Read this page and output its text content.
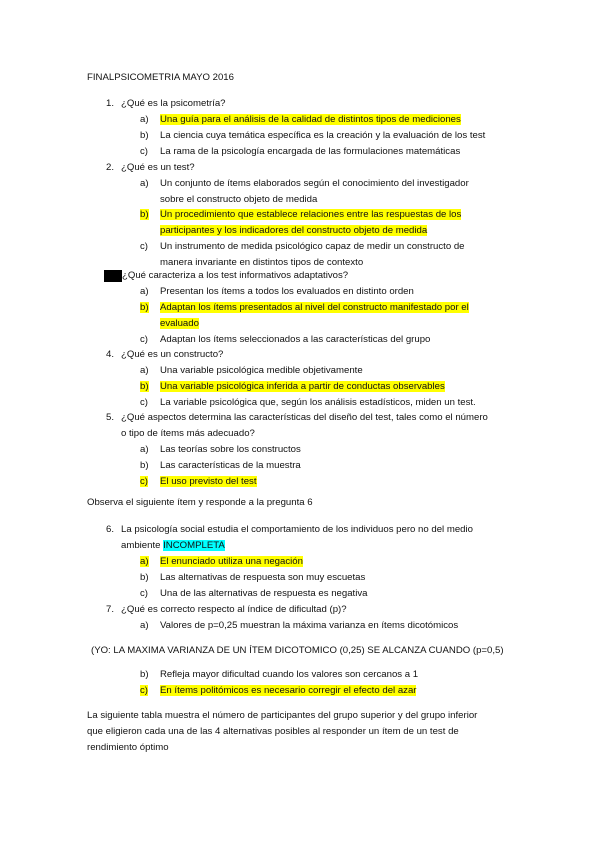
FINALPSICOMETRIA MAYO 2016
1. ¿Qué es la psicometría?
a) Una guía para el análisis de la calidad de distintos tipos de mediciones
b) La ciencia cuya temática específica es la creación y la evaluación de los test
c) La rama de la psicología encargada de las formulaciones matemáticas
2. ¿Qué es un test?
a) Un conjunto de ítems elaborados según el conocimiento del investigador
sobre el constructo objeto de medida
b) Un procedimiento que establece relaciones entre las respuestas de los
participantes y los indicadores del constructo objeto de medida
c) Un instrumento de medida psicológico capaz de medir un constructo de
manera invariante en distintos tipos de contexto
¿Qué caracteriza a los test informativos adaptativos?
a) Presentan los ítems a todos los evaluados en distinto orden
b) Adaptan los ítems presentados al nivel del constructo manifestado por el
evaluado
c) Adaptan los ítems seleccionados a las características del grupo
4. ¿Qué es un constructo?
a) Una variable psicológica medible objetivamente
b) Una variable psicológica inferida a partir de conductas observables
c) La variable psicológica que, según los análisis estadísticos, miden un test.
5. ¿Qué aspectos determina las características del diseño del test, tales como el número
o tipo de ítems más adecuado?
a) Las teorías sobre los constructos
b) Las características de la muestra
c) El uso previsto del test
Observa el siguiente ítem y responde a la pregunta 6
6. La psicología social estudia el comportamiento de los individuos pero no del medio
ambiente INCOMPLETA
a) El enunciado utiliza una negación
b) Las alternativas de respuesta son muy escuetas
c) Una de las alternativas de respuesta es negativa
7. ¿Qué es correcto respecto al índice de dificultad (p)?
a) Valores de p=0,25 muestran la máxima varianza en ítems dicotómicos
(YO: LA MAXIMA VARIANZA DE UN ÍTEM DICOTOMICO (0,25) SE ALCANZA CUANDO (p=0,5)
b) Refleja mayor dificultad cuando los valores son cercanos a 1
c) En ítems politómicos es necesario corregir el efecto del azar
La siguiente tabla muestra el número de participantes del grupo superior y del grupo inferior
que eligieron cada una de las 4 alternativas posibles al responder un ítem de un test de
rendimiento óptimo
